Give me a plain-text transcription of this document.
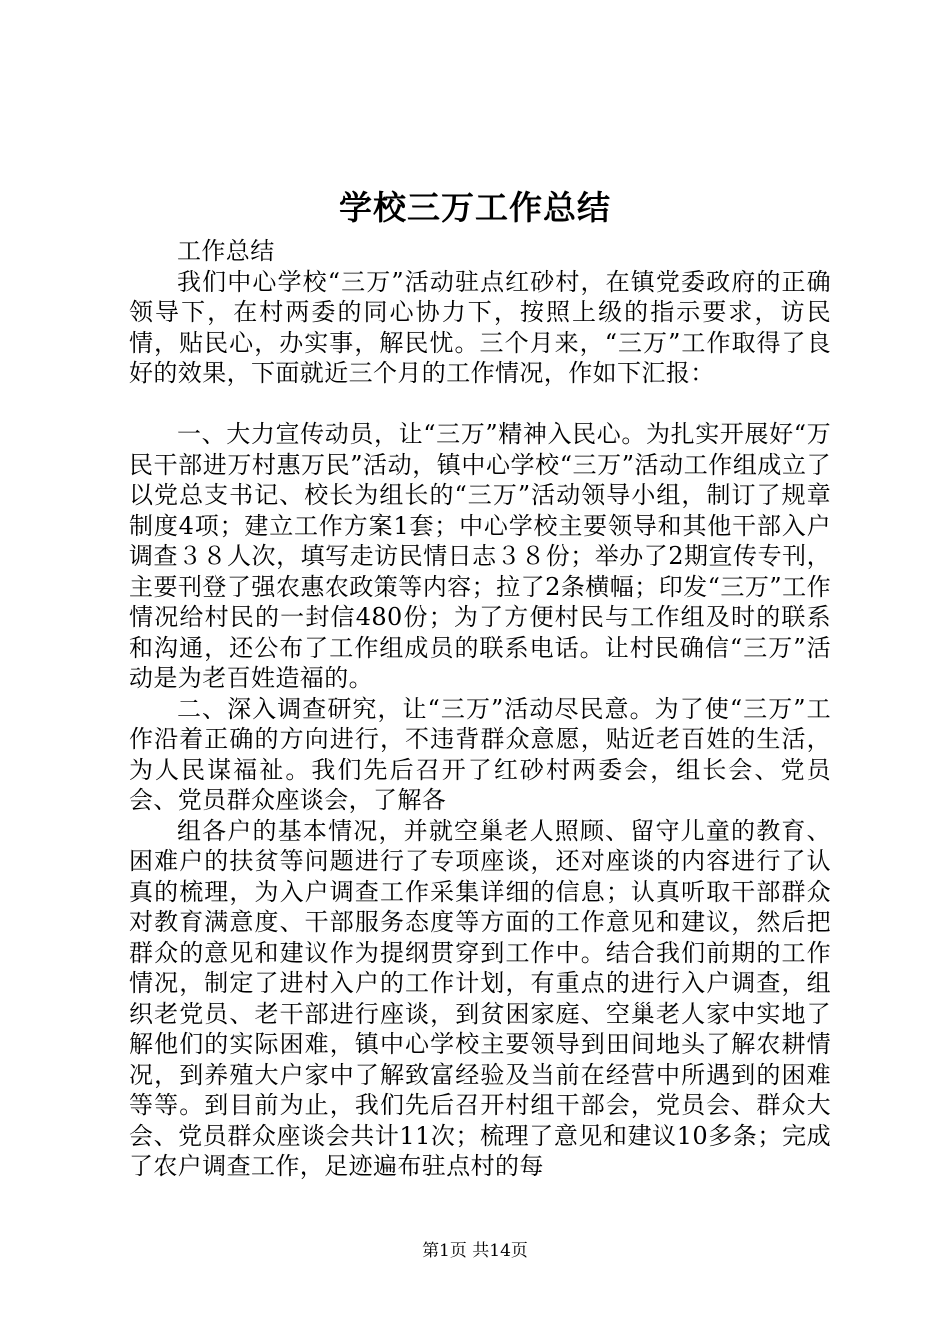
学校三万工作总结

工作总结

我们中心学校“三万”活动驻点红砂村，在镇党委政府的正确领导下，在村两委的同心协力下，按照上级的指示要求，访民情，贴民心，办实事，解民忧。三个月来，“三万”工作取得了良好的效果，下面就近三个月的工作情况，作如下汇报：

一、大力宣传动员，让“三万”精神入民心。为扎实开展好“万民干部进万村惠万民”活动，镇中心学校“三万”活动工作组成立了以党总支书记、校长为组长的“三万”活动领导小组，制订了规章制度4项；建立工作方案1套；中心学校主要领导和其他干部入户调查３８人次，填写走访民情日志３８份；举办了2期宣传专刊，主要刊登了强农惠农政策等内容；拉了2条横幅；印发“三万”工作情况给村民的一封信480份；为了方便村民与工作组及时的联系和沟通，还公布了工作组成员的联系电话。让村民确信“三万”活动是为老百姓造福的。

二、深入调查研究，让“三万”活动尽民意。为了使“三万”工作沿着正确的方向进行，不违背群众意愿，贴近老百姓的生活，为人民谋福祉。我们先后召开了红砂村两委会，组长会、党员会、党员群众座谈会，了解各

组各户的基本情况，并就空巢老人照顾、留守儿童的教育、困难户的扶贫等问题进行了专项座谈，还对座谈的内容进行了认真的梳理，为入户调查工作采集详细的信息；认真听取干部群众对教育满意度、干部服务态度等方面的工作意见和建议，然后把群众的意见和建议作为提纲贯穿到工作中。结合我们前期的工作情况，制定了进村入户的工作计划，有重点的进行入户调查，组织老党员、老干部进行座谈，到贫困家庭、空巢老人家中实地了解他们的实际困难，镇中心学校主要领导到田间地头了解农耕情况，到养殖大户家中了解致富经验及当前在经营中所遇到的困难等等。到目前为止，我们先后召开村组干部会，党员会、群众大会、党员群众座谈会共计11次；梳理了意见和建议10多条；完成了农户调查工作，足迹遍布驻点村的每

第1页 共14页
